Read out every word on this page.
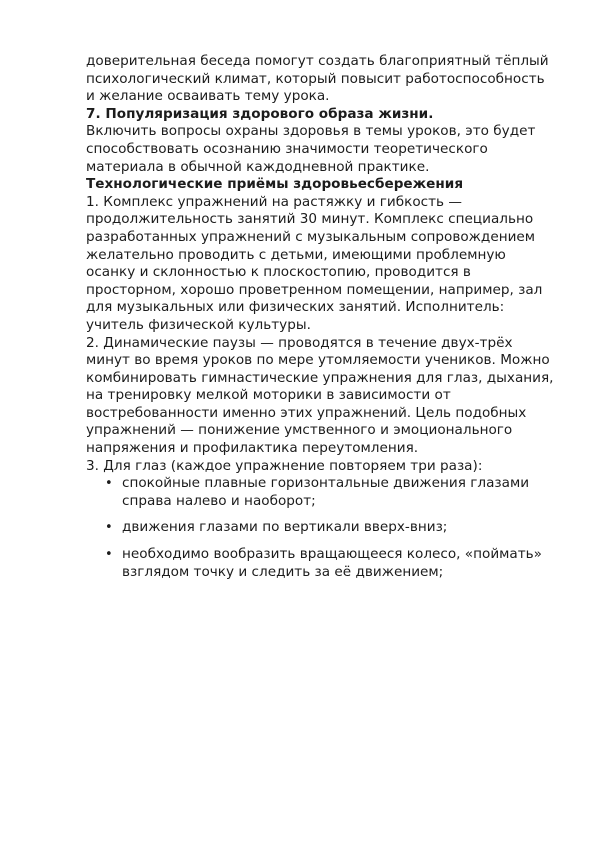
доверительная беседа помогут создать благоприятный тёплый психологический климат, который повысит работоспособность и желание осваивать тему урока.

7. Популяризация здорового образа жизни.

Включить вопросы охраны здоровья в темы уроков, это будет способствовать осознанию значимости теоретического материала в обычной каждодневной практике.

Технологические приёмы здоровьесбережения

1. Комплекс упражнений на растяжку и гибкость — продолжительность занятий 30 минут. Комплекс специально разработанных упражнений с музыкальным сопровождением желательно проводить с детьми, имеющими проблемную осанку и склонностью к плоскостопию, проводится в просторном, хорошо проветренном помещении, например, зал для музыкальных или физических занятий. Исполнитель: учитель физической культуры.

2. Динамические паузы — проводятся в течение двух-трёх минут во время уроков по мере утомляемости учеников. Можно комбинировать гимнастические упражнения для глаз, дыхания, на тренировку мелкой моторики в зависимости от востребованности именно этих упражнений. Цель подобных упражнений — понижение умственного и эмоционального напряжения и профилактика переутомления.

3. Для глаз (каждое упражнение повторяем три раза):

• спокойные плавные горизонтальные движения глазами справа налево и наоборот;
• движения глазами по вертикали вверх-вниз;
• необходимо вообразить вращающееся колесо, «поймать» взглядом точку и следить за её движением;
